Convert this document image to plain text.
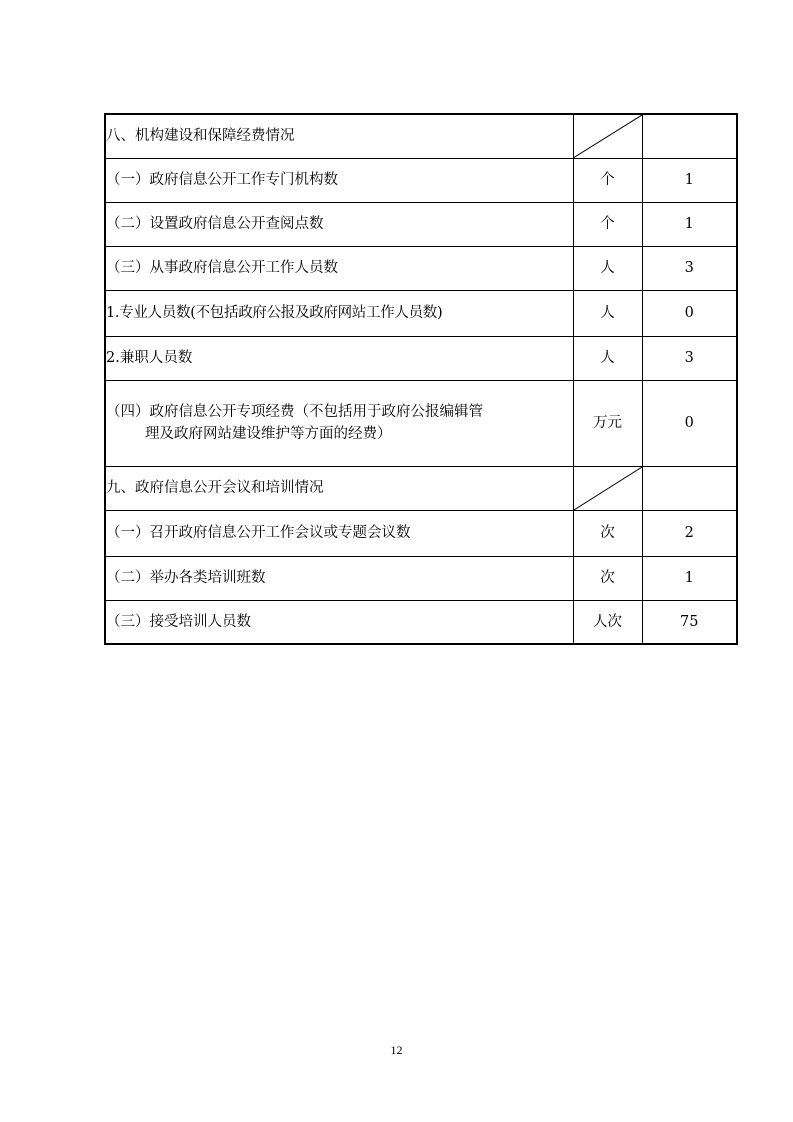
八、机构建设和保障经费情况

（一）政府信息公开工作专门机构数	个	1

（二）设置政府信息公开查阅点数	个	1

（三）从事政府信息公开工作人员数	人	3

1.专业人员数(不包括政府公报及政府网站工作人员数)	人	0

2.兼职人员数	人	3

（四）政府信息公开专项经费（不包括用于政府公报编辑管
理及政府网站建设维护等方面的经费）	万元	0

九、政府信息公开会议和培训情况

（一）召开政府信息公开工作会议或专题会议数	次	2

（二）举办各类培训班数	次	1

（三）接受培训人员数	人次	75
12
